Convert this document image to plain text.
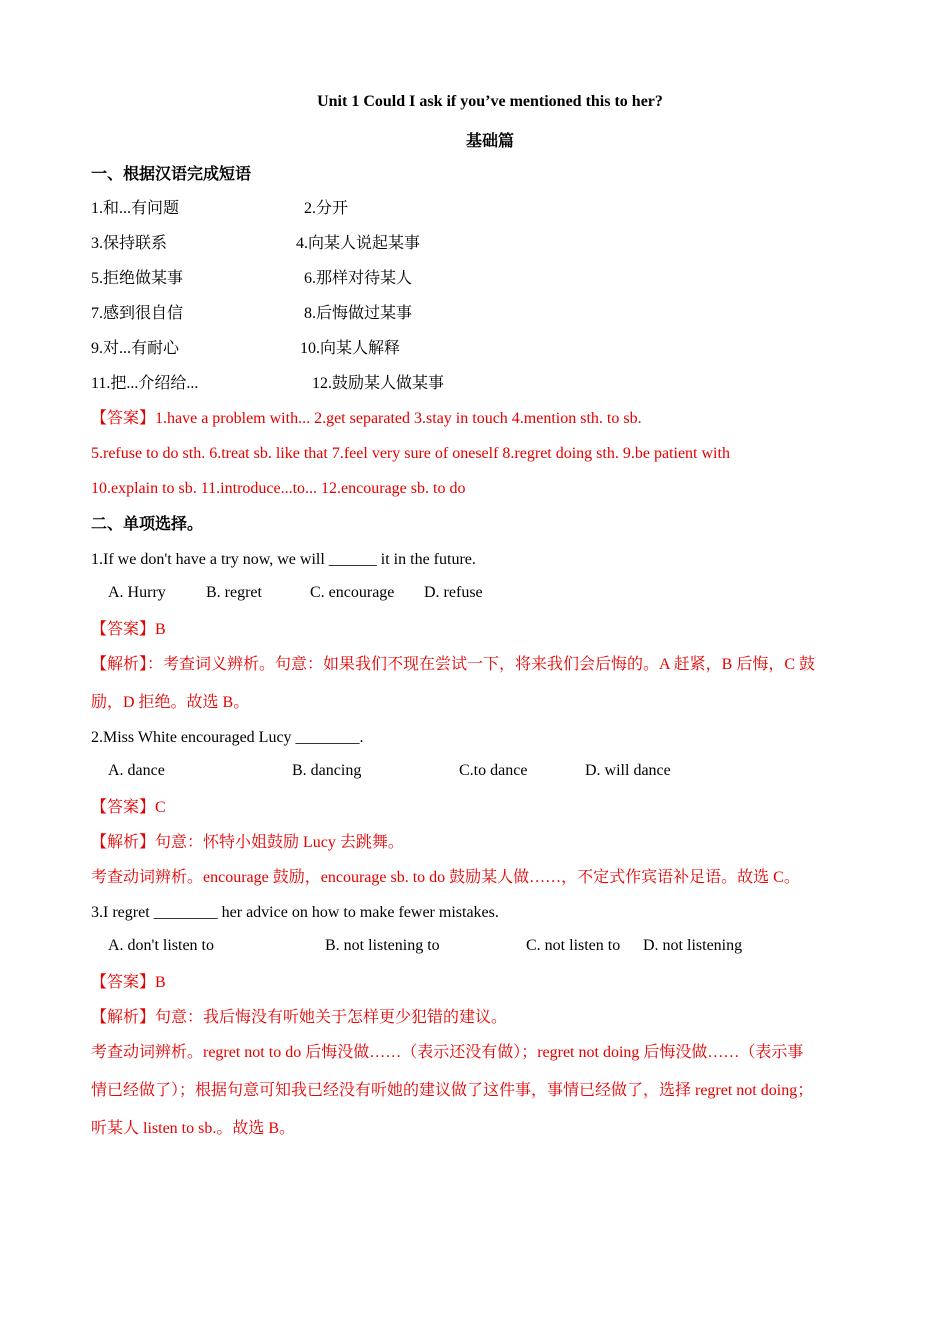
Unit 1 Could I ask if you’ve mentioned this to her?
基础篇
一、根据汉语完成短语
1.和...有问题	2.分开
3.保持联系	4.向某人说起某事
5.拒绝做某事	6.那样对待某人
7.感到很自信	8.后悔做过某事
9.对...有耐心	10.向某人解释
11.把...介绍给...	12.鼓励某人做某事
【答案】1.have a problem with... 2.get separated 3.stay in touch 4.mention sth. to sb.
5.refuse to do sth. 6.treat sb. like that 7.feel very sure of oneself 8.regret doing sth. 9.be patient with
10.explain to sb. 11.introduce...to... 12.encourage sb. to do
二、单项选择。
1.If we don't have a try now, we will ______ it in the future.
A. Hurry	B. regret	C. encourage D. refuse
【答案】B
【解析】：考查词义辨析。句意：如果我们不现在尝试一下，将来我们会后悔的。A 赶紧，B 后悔，C 鼓
励，D 拒绝。故选 B。
2.Miss White encouraged Lucy ________.
A. dance	B. dancing	C.to dance	D. will dance
【答案】C
【解析】句意：怀特小姐鼓励 Lucy 去跳舞。
考查动词辨析。encourage 鼓励，encourage sb. to do 鼓励某人做……，不定式作宾语补足语。故选 C。
3.I regret ________ her advice on how to make fewer mistakes.
A. don't listen to	B. not listening to	C. not listen to D. not listening
【答案】B
【解析】句意：我后悔没有听她关于怎样更少犯错的建议。
考查动词辨析。regret not to do 后悔没做……（表示还没有做）；regret not doing 后悔没做……（表示事
情已经做了）；根据句意可知我已经没有听她的建议做了这件事，事情已经做了，选择 regret not doing；
听某人 listen to sb.。故选 B。
